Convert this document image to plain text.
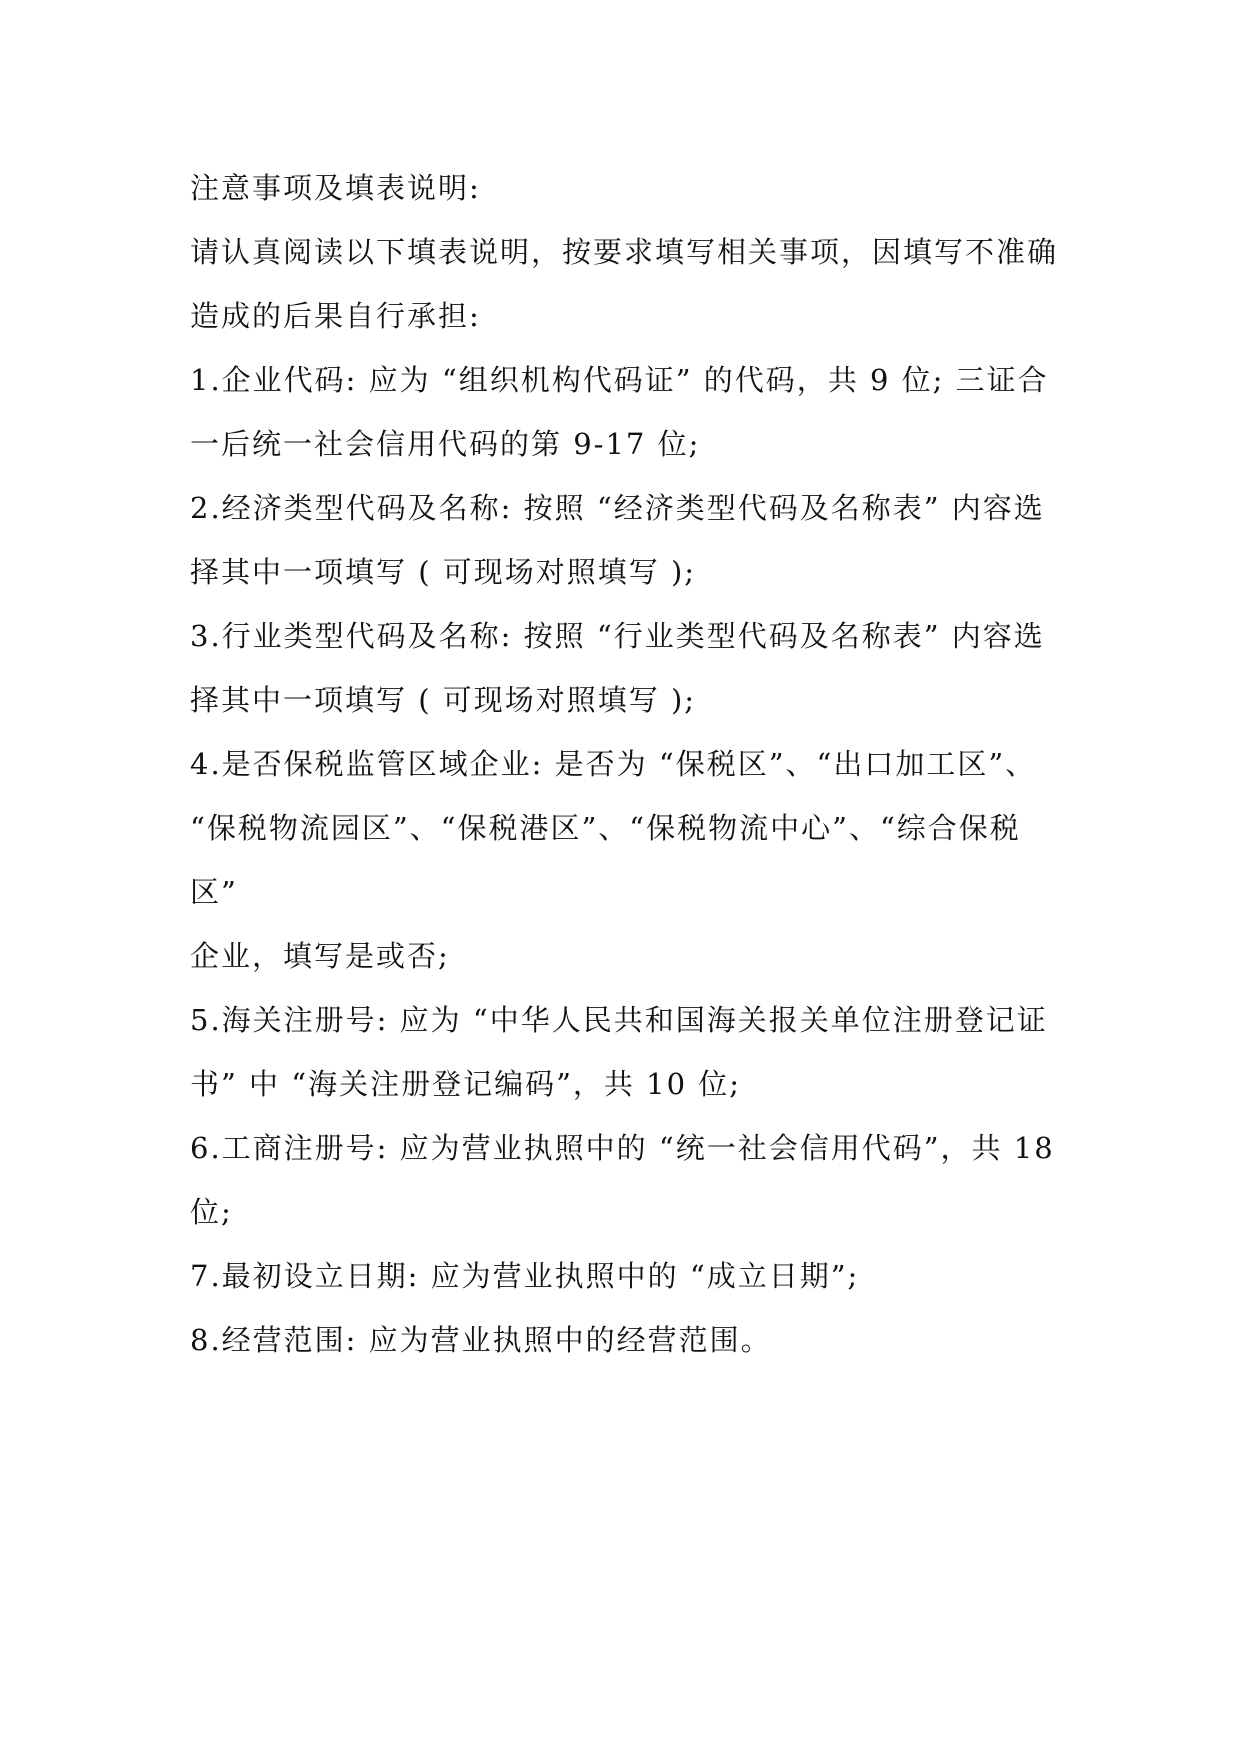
注意事项及填表说明:
请认真阅读以下填表说明，按要求填写相关事项，因填写不准确
造成的后果自行承担:
1.企业代码: 应为 “组织机构代码证” 的代码，共 9 位; 三证合
一后统一社会信用代码的第 9-17 位;
2.经济类型代码及名称: 按照 “经济类型代码及名称表” 内容选
择其中一项填写 ( 可现场对照填写 );
3.行业类型代码及名称: 按照 “行业类型代码及名称表” 内容选
择其中一项填写 ( 可现场对照填写 );
4.是否保税监管区域企业: 是否为 “保税区”、“出口加工区”、
“保税物流园区”、“保税港区”、“保税物流中心”、“综合保税
区”
企业，填写是或否;
5.海关注册号: 应为 “中华人民共和国海关报关单位注册登记证
书” 中 “海关注册登记编码”，共 10 位;
6.工商注册号: 应为营业执照中的 “统一社会信用代码”，共 18
位;
7.最初设立日期: 应为营业执照中的 “成立日期”;
8.经营范围: 应为营业执照中的经营范围。
